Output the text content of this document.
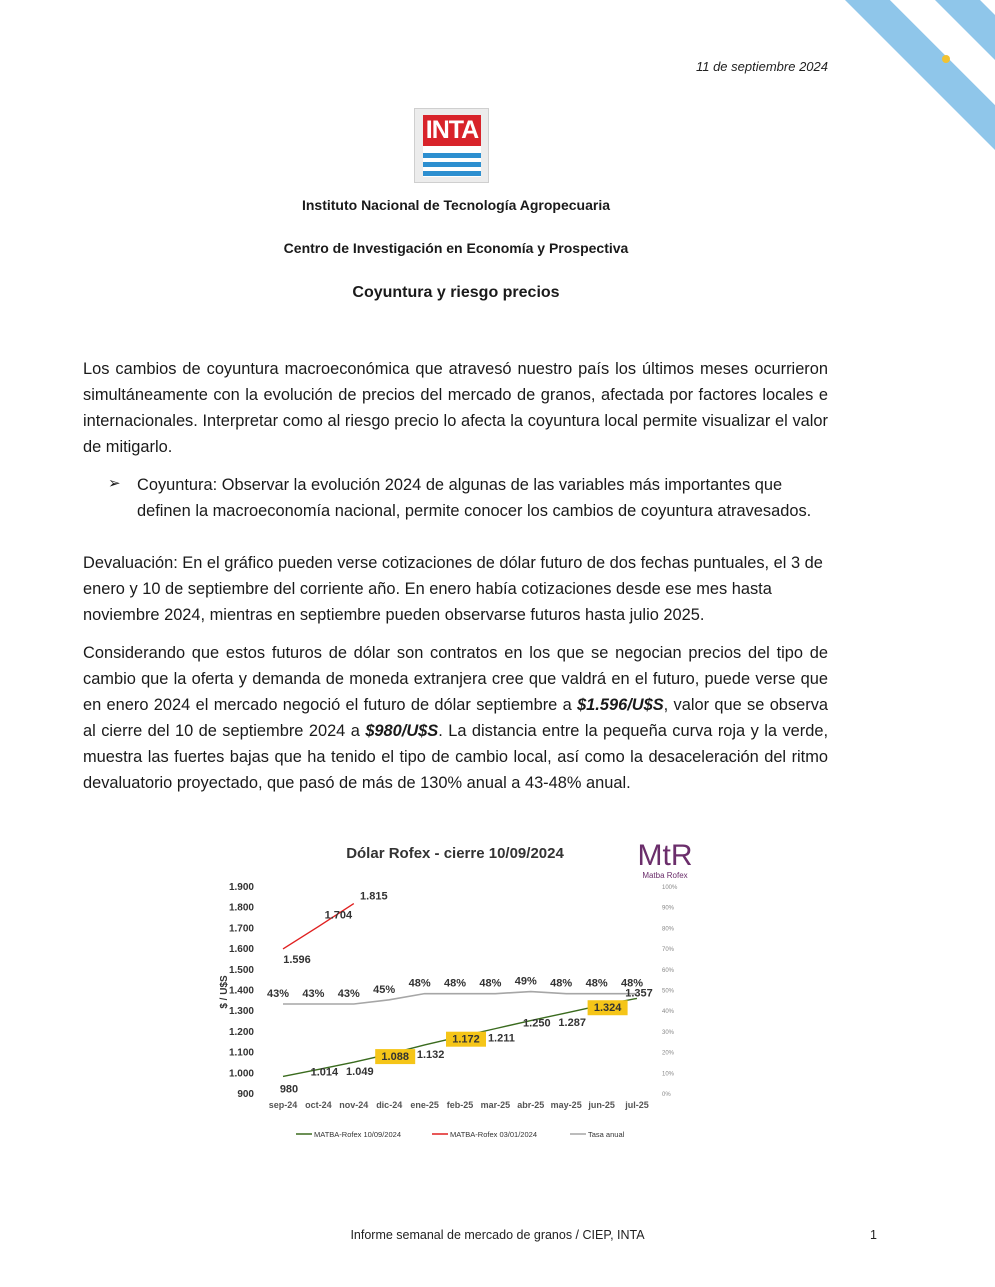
11 de septiembre 2024
INTA
Instituto Nacional de Tecnología Agropecuaria
Centro de Investigación en Economía y Prospectiva
Coyuntura y riesgo precios
Los cambios de coyuntura macroeconómica que atravesó nuestro país los últimos meses ocurrieron simultáneamente con la evolución de precios del mercado de granos, afectada por factores locales e internacionales. Interpretar como al riesgo precio lo afecta la coyuntura local permite visualizar el valor de mitigarlo.
➢ Coyuntura: Observar la evolución 2024 de algunas de las variables más importantes que definen la macroeconomía nacional, permite conocer los cambios de coyuntura atravesados.
Devaluación: En el gráfico pueden verse cotizaciones de dólar futuro de dos fechas puntuales, el 3 de enero y 10 de septiembre del corriente año. En enero había cotizaciones desde ese mes hasta noviembre 2024, mientras en septiembre pueden observarse futuros hasta julio 2025.
Considerando que estos futuros de dólar son contratos en los que se negocian precios del tipo de cambio que la oferta y demanda de moneda extranjera cree que valdrá en el futuro, puede verse que en enero 2024 el mercado negoció el futuro de dólar septiembre a $1.596/U$S, valor que se observa al cierre del 10 de septiembre 2024 a $980/U$S. La distancia entre la pequeña curva roja y la verde, muestra las fuertes bajas que ha tenido el tipo de cambio local, así como la desaceleración del ritmo devaluatorio proyectado, que pasó de más de 130% anual a 43-48% anual.
Dólar Rofex - cierre 10/09/2024 MtR
Matba Rofex
$ / U$S
1.900
1.800
1.700
1.600
1.500
1.400
1.300
1.200
1.100
1.000
900
100%
90%
80%
70%
60%
50%
40%
30%
20%
10%
0%
sep-24 oct-24 nov-24 dic-24 ene-25 feb-25 mar-25 abr-25 may-25 jun-25 jul-25
980
1.014 1.049
1.088 1.132
1.172 1.211
1.250 1.287
1.324
1.357
1.596
1.704
1.815
43% 43% 43% 45%
48% 48% 48% 49% 48% 48% 48%
MATBA-Rofex 10/09/2024	MATBA-Rofex 03/01/2024	Tasa anual
Informe semanal de mercado de granos / CIEP, INTA	1
